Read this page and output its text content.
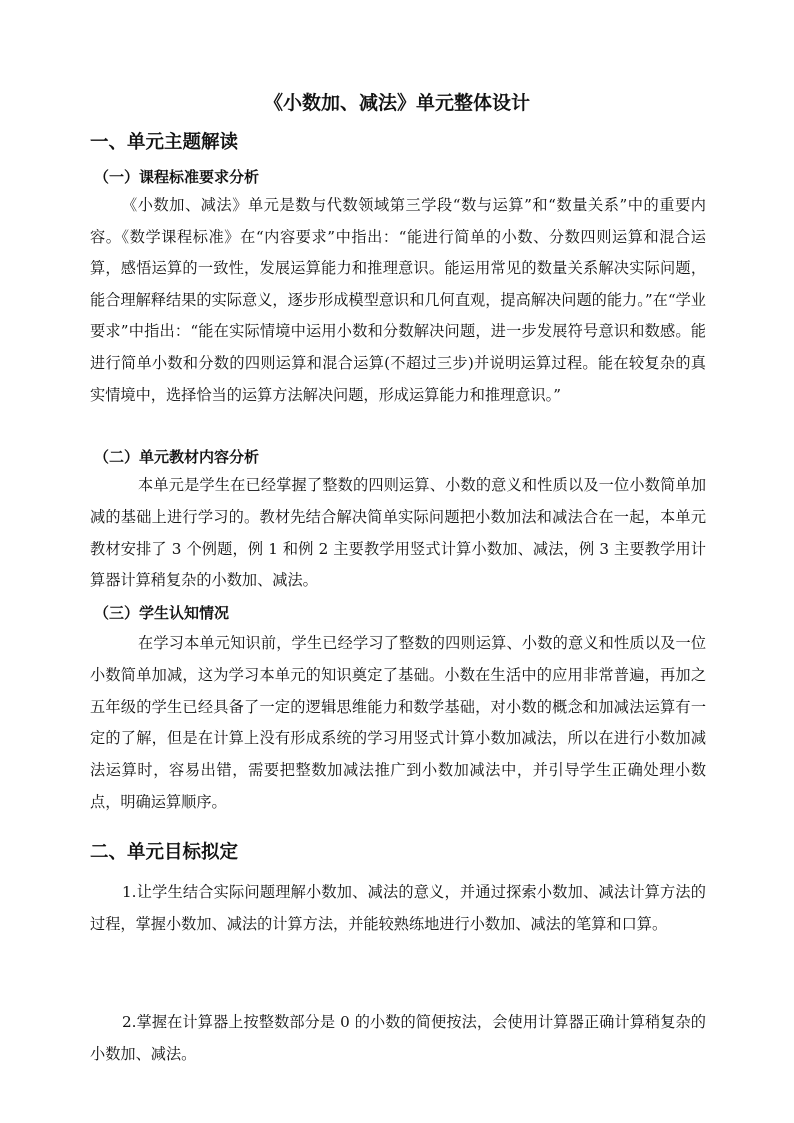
《小数加、减法》单元整体设计
一、单元主题解读
（一）课程标准要求分析

《小数加、减法》单元是数与代数领域第三学段“数与运算”和“数量关系”中的重要内容。《数学课程标准》在“内容要求”中指出：“能进行简单的小数、分数四则运算和混合运算，感悟运算的一致性，发展运算能力和推理意识。能运用常见的数量关系解决实际问题，能合理解释结果的实际意义，逐步形成模型意识和几何直观，提高解决问题的能力。”在“学业要求”中指出：“能在实际情境中运用小数和分数解决问题，进一步发展符号意识和数感。能进行简单小数和分数的四则运算和混合运算(不超过三步)并说明运算过程。能在较复杂的真实情境中，选择恰当的运算方法解决问题，形成运算能力和推理意识。”

（二）单元教材内容分析

本单元是学生在已经掌握了整数的四则运算、小数的意义和性质以及一位小数简单加减的基础上进行学习的。教材先结合解决简单实际问题把小数加法和减法合在一起，本单元教材安排了 3 个例题，例 1 和例 2 主要教学用竖式计算小数加、减法，例 3 主要教学用计算器计算稍复杂的小数加、减法。

（三）学生认知情况

在学习本单元知识前，学生已经学习了整数的四则运算、小数的意义和性质以及一位小数简单加减，这为学习本单元的知识奠定了基础。小数在生活中的应用非常普遍，再加之五年级的学生已经具备了一定的逻辑思维能力和数学基础，对小数的概念和加减法运算有一定的了解，但是在计算上没有形成系统的学习用竖式计算小数加减法，所以在进行小数加减法运算时，容易出错，需要把整数加减法推广到小数加减法中，并引导学生正确处理小数点，明确运算顺序。

二、单元目标拟定

1.让学生结合实际问题理解小数加、减法的意义，并通过探索小数加、减法计算方法的过程，掌握小数加、减法的计算方法，并能较熟练地进行小数加、减法的笔算和口算。

2.掌握在计算器上按整数部分是 0 的小数的简便按法，会使用计算器正确计算稍复杂的小数加、减法。
